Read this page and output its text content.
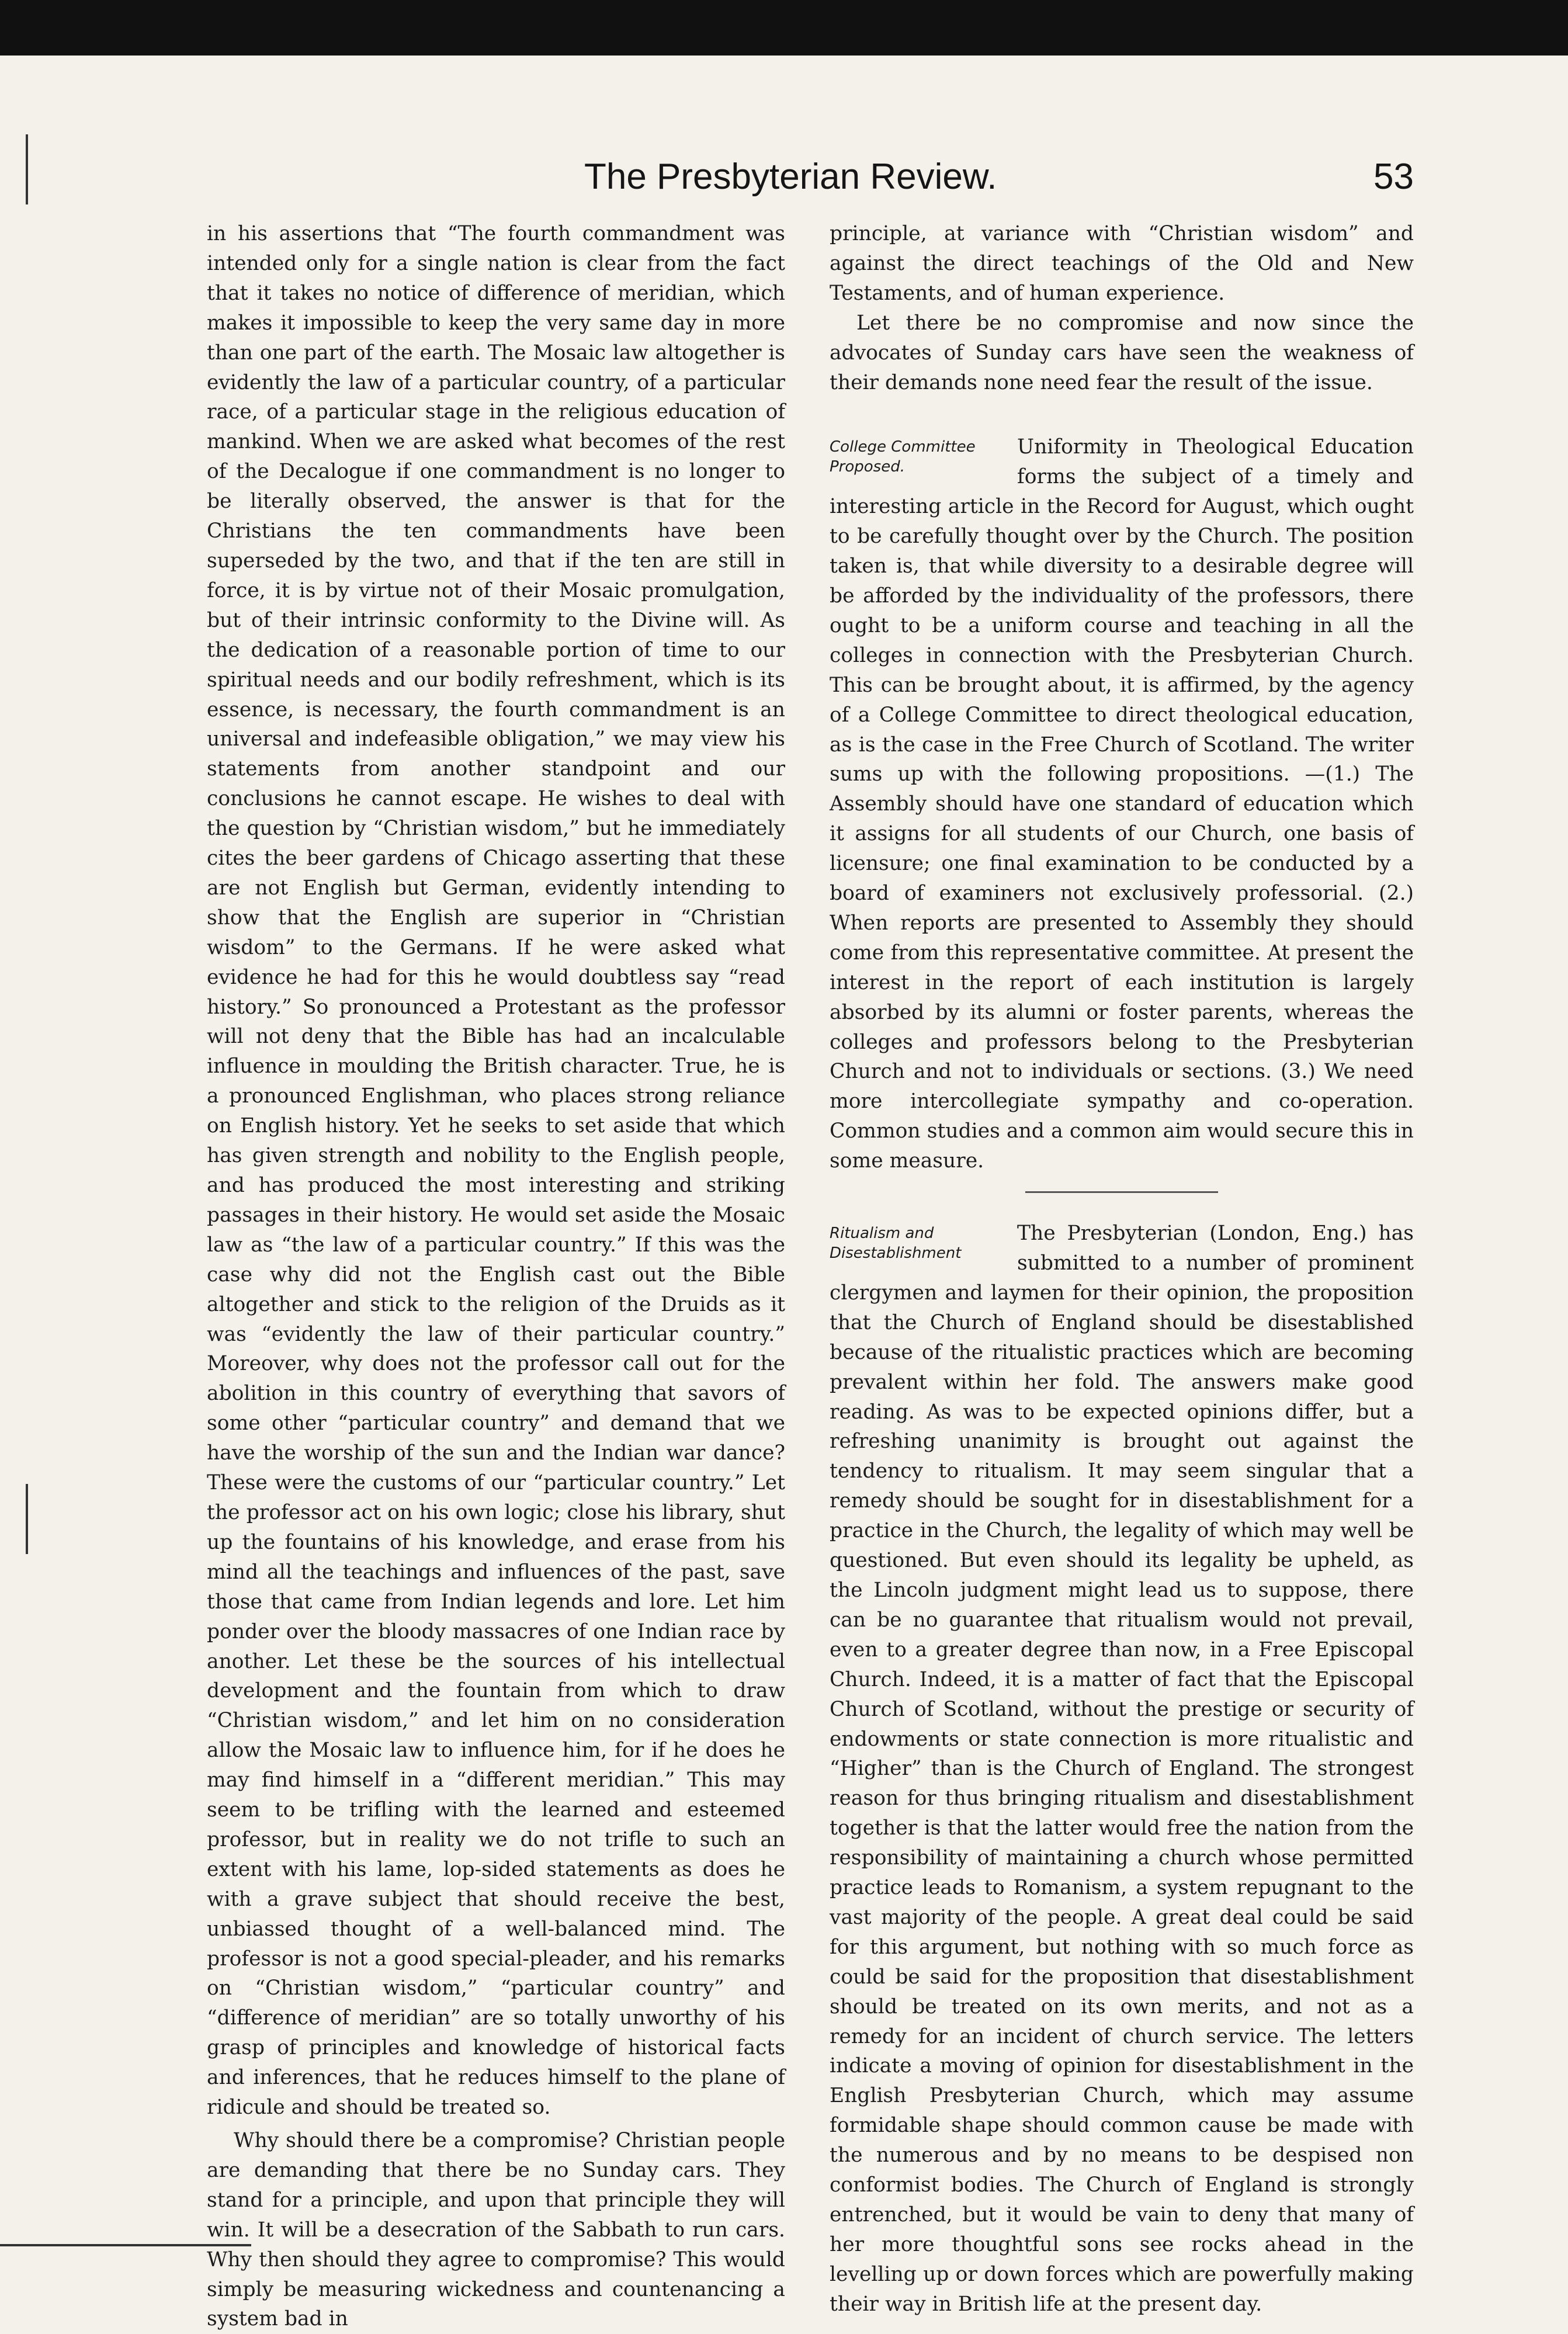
The Presbyterian Review.	53

in his assertions that “The fourth commandment was intended only for a single nation is clear from the fact that it takes no notice of difference of meridian, which makes it impossible to keep the very same day in more than one part of the earth. The Mosaic law altogether is evidently the law of a particular country, of a particular race, of a particular stage in the religious education of mankind. When we are asked what becomes of the rest of the Decalogue if one commandment is no longer to be literally observed, the answer is that for the Christians the ten commandments have been superseded by the two, and that if the ten are still in force, it is by virtue not of their Mosaic promulgation, but of their intrinsic conformity to the Divine will. As the dedication of a reasonable portion of time to our spiritual needs and our bodily refreshment, which is its essence, is necessary, the fourth commandment is an universal and indefeasible obligation,” we may view his statements from another standpoint and our conclusions he cannot escape. He wishes to deal with the question by “Christian wisdom,” but he immediately cites the beer gardens of Chicago asserting that these are not English but German, evidently intending to show that the English are superior in “Christian wisdom” to the Germans. If he were asked what evidence he had for this he would doubtless say “read history.” So pronounced a Protestant as the professor will not deny that the Bible has had an incalculable influence in moulding the British character. True, he is a pronounced Englishman, who places strong reliance on English history. Yet he seeks to set aside that which has given strength and nobility to the English people, and has produced the most interesting and striking passages in their history. He would set aside the Mosaic law as “the law of a particular country.” If this was the case why did not the English cast out the Bible altogether and stick to the religion of the Druids as it was “evidently the law of their particular country.” Moreover, why does not the professor call out for the abolition in this country of everything that savors of some other “particular country” and demand that we have the worship of the sun and the Indian war dance? These were the customs of our “particular country.” Let the professor act on his own logic; close his library, shut up the fountains of his knowledge, and erase from his mind all the teachings and influences of the past, save those that came from Indian legends and lore. Let him ponder over the bloody massacres of one Indian race by another. Let these be the sources of his intellectual development and the fountain from which to draw “Christian wisdom,” and let him on no consideration allow the Mosaic law to influence him, for if he does he may find himself in a “different meridian.” This may seem to be trifling with the learned and esteemed professor, but in reality we do not trifle to such an extent with his lame, lop-sided statements as does he with a grave subject that should receive the best, unbiassed thought of a well-balanced mind. The professor is not a good special-pleader, and his remarks on “Christian wisdom,” “particular country” and “difference of meridian” are so totally unworthy of his grasp of principles and knowledge of historical facts and inferences, that he reduces himself to the plane of ridicule and should be treated so.

Why should there be a compromise? Christian people are demanding that there be no Sunday cars. They stand for a principle, and upon that principle they will win. It will be a desecration of the Sabbath to run cars. Why then should they agree to compromise? This would simply be measuring wickedness and countenancing a system bad in

principle, at variance with “Christian wisdom” and against the direct teachings of the Old and New Testaments, and of human experience.

Let there be no compromise and now since the advocates of Sunday cars have seen the weakness of their demands none need fear the result of the issue.

College Committee Proposed.

Uniformity in Theological Education forms the subject of a timely and interesting article in the Record for August, which ought to be carefully thought over by the Church. The position taken is, that while diversity to a desirable degree will be afforded by the individuality of the professors, there ought to be a uniform course and teaching in all the colleges in connection with the Presbyterian Church. This can be brought about, it is affirmed, by the agency of a College Committee to direct theological education, as is the case in the Free Church of Scotland. The writer sums up with the following propositions. —(1.) The Assembly should have one standard of education which it assigns for all students of our Church, one basis of licensure; one final examination to be conducted by a board of examiners not exclusively professorial. (2.) When reports are presented to Assembly they should come from this representative committee. At present the interest in the report of each institution is largely absorbed by its alumni or foster parents, whereas the colleges and professors belong to the Presbyterian Church and not to individuals or sections. (3.) We need more intercollegiate sympathy and co-operation. Common studies and a common aim would secure this in some measure.

Ritualism and Disestablishment

The Presbyterian (London, Eng.) has submitted to a number of prominent clergymen and laymen for their opinion, the proposition that the Church of England should be disestablished because of the ritualistic practices which are becoming prevalent within her fold. The answers make good reading. As was to be expected opinions differ, but a refreshing unanimity is brought out against the tendency to ritualism. It may seem singular that a remedy should be sought for in disestablishment for a practice in the Church, the legality of which may well be questioned. But even should its legality be upheld, as the Lincoln judgment might lead us to suppose, there can be no guarantee that ritualism would not prevail, even to a greater degree than now, in a Free Episcopal Church. Indeed, it is a matter of fact that the Episcopal Church of Scotland, without the prestige or security of endowments or state connection is more ritualistic and “Higher” than is the Church of England. The strongest reason for thus bringing ritualism and disestablishment together is that the latter would free the nation from the responsibility of maintaining a church whose permitted practice leads to Romanism, a system repugnant to the vast majority of the people. A great deal could be said for this argument, but nothing with so much force as could be said for the proposition that disestablishment should be treated on its own merits, and not as a remedy for an incident of church service. The letters indicate a moving of opinion for disestablishment in the English Presbyterian Church, which may assume formidable shape should common cause be made with the numerous and by no means to be despised non conformist bodies. The Church of England is strongly entrenched, but it would be vain to deny that many of her more thoughtful sons see rocks ahead in the levelling up or down forces which are powerfully making their way in British life at the present day.
